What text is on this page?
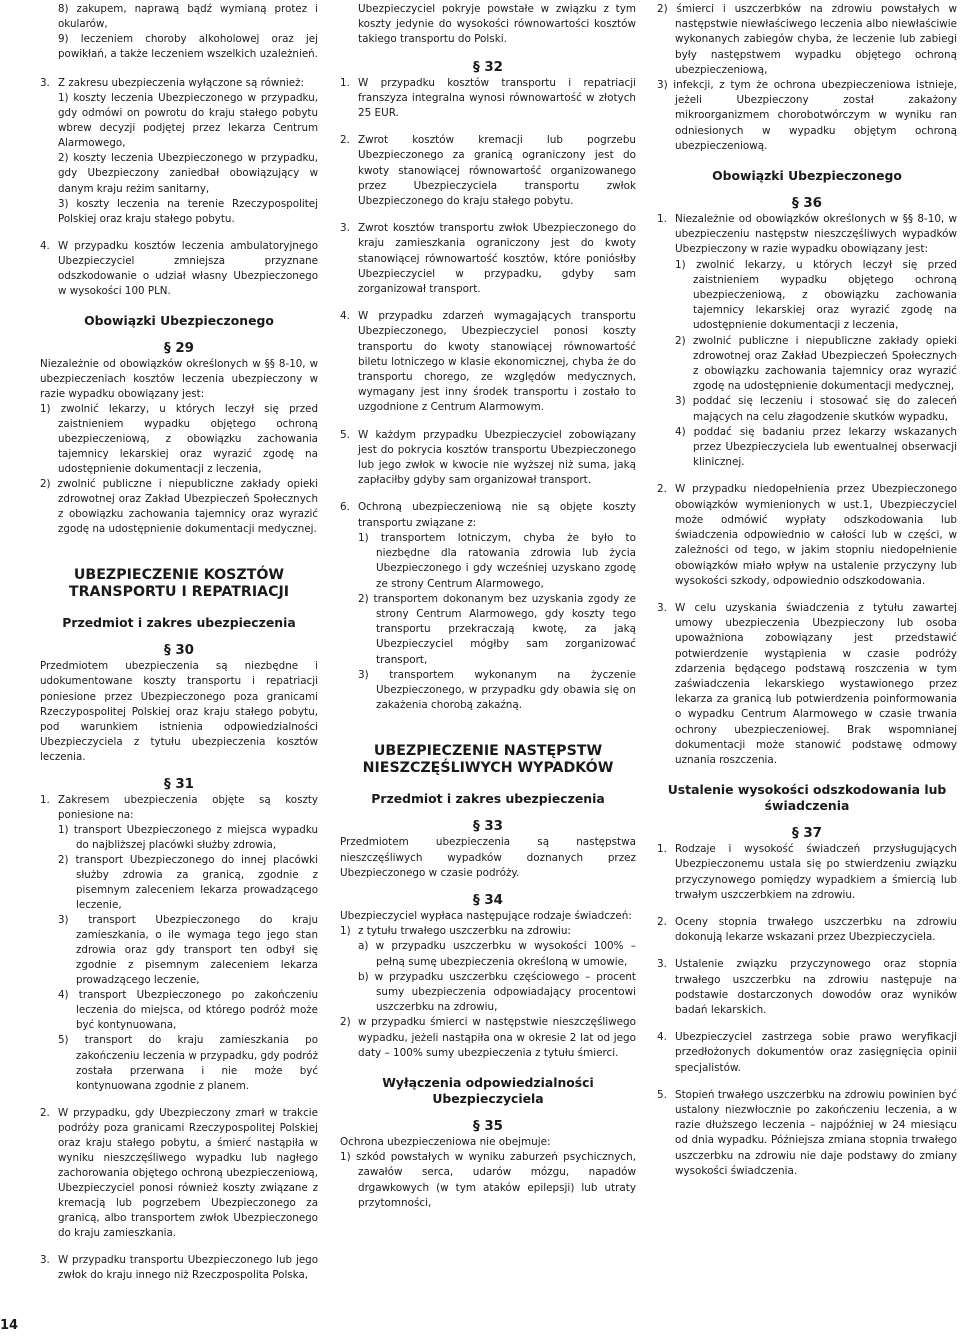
8) zakupem, naprawą bądź wymianą protez i okularów,

9) leczeniem choroby alkoholowej oraz jej powikłań, a także leczeniem wszelkich uzależnień.

3. Z zakresu ubezpieczenia wyłączone są również:

1) koszty leczenia Ubezpieczonego w przypadku, gdy odmówi on powrotu do kraju stałego pobytu wbrew decyzji podjętej przez lekarza Centrum Alarmowego,

2) koszty leczenia Ubezpieczonego w przypadku, gdy Ubezpieczony zaniedbał obowiązujący w danym kraju reżim sanitarny,

3) koszty leczenia na terenie Rzeczypospolitej Polskiej oraz kraju stałego pobytu.

4. W przypadku kosztów leczenia ambulatoryjnego Ubezpieczyciel zmniejsza przyznane odszkodowanie o udział własny Ubezpieczonego w wysokości 100 PLN.

Obowiązki Ubezpieczonego

§ 29

Niezależnie od obowiązków określonych w §§ 8-10, w ubezpieczeniach kosztów leczenia ubezpieczony w razie wypadku obowiązany jest:

1) zwolnić lekarzy, u których leczył się przed zaistnieniem wypadku objętego ochroną ubezpieczeniową, z obowiązku zachowania tajemnicy lekarskiej oraz wyrazić zgodę na udostępnienie dokumentacji z leczenia,

2) zwolnić publiczne i niepubliczne zakłady opieki zdrowotnej oraz Zakład Ubezpieczeń Społecznych z obowiązku zachowania tajemnicy oraz wyrazić zgodę na udostępnienie dokumentacji medycznej.

UBEZPIECZENIE KOSZTÓW TRANSPORTU I REPATRIACJI

Przedmiot i zakres ubezpieczenia

§ 30

Przedmiotem ubezpieczenia są niezbędne i udokumentowane koszty transportu i repatriacji poniesione przez Ubezpieczonego poza granicami Rzeczypospolitej Polskiej oraz kraju stałego pobytu, pod warunkiem istnienia odpowiedzialności Ubezpieczyciela z tytułu ubezpieczenia kosztów leczenia.

§ 31

1. Zakresem ubezpieczenia objęte są koszty poniesione na:

1) transport Ubezpieczonego z miejsca wypadku do najbliższej placówki służby zdrowia,

2) transport Ubezpieczonego do innej placówki służby zdrowia za granicą, zgodnie z pisemnym zaleceniem lekarza prowadzącego leczenie,

3) transport Ubezpieczonego do kraju zamieszkania, o ile wymaga tego jego stan zdrowia oraz gdy transport ten odbył się zgodnie z pisemnym zaleceniem lekarza prowadzącego leczenie,

4) transport Ubezpieczonego po zakończeniu leczenia do miejsca, od którego podróż może być kontynuowana,

5) transport do kraju zamieszkania po zakończeniu leczenia w przypadku, gdy podróż została przerwana i nie może być kontynuowana zgodnie z planem.

2. W przypadku, gdy Ubezpieczony zmarł w trakcie podróży poza granicami Rzeczypospolitej Polskiej oraz kraju stałego pobytu, a śmierć nastąpiła w wyniku nieszczęśliwego wypadku lub nagłego zachorowania objętego ochroną ubezpieczeniową, Ubezpieczyciel ponosi również koszty związane z kremacją lub pogrzebem Ubezpieczonego za granicą, albo transportem zwłok Ubezpieczonego do kraju zamieszkania.

3. W przypadku transportu Ubezpieczonego lub jego zwłok do kraju innego niż Rzeczpospolita Polska,

Ubezpieczyciel pokryje powstałe w związku z tym koszty jedynie do wysokości równowartości kosztów takiego transportu do Polski.

§ 32

1. W przypadku kosztów transportu i repatriacji franszyza integralna wynosi równowartość w złotych 25 EUR.

2. Zwrot kosztów kremacji lub pogrzebu Ubezpieczonego za granicą ograniczony jest do kwoty stanowiącej równowartość organizowanego przez Ubezpieczyciela transportu zwłok Ubezpieczonego do kraju stałego pobytu.

3. Zwrot kosztów transportu zwłok Ubezpieczonego do kraju zamieszkania ograniczony jest do kwoty stanowiącej równowartość kosztów, które poniósłby Ubezpieczyciel w przypadku, gdyby sam zorganizował transport.

4. W przypadku zdarzeń wymagających transportu Ubezpieczonego, Ubezpieczyciel ponosi koszty transportu do kwoty stanowiącej równowartość biletu lotniczego w klasie ekonomicznej, chyba że do transportu chorego, ze względów medycznych, wymagany jest inny środek transportu i zostało to uzgodnione z Centrum Alarmowym.

5. W każdym przypadku Ubezpieczyciel zobowiązany jest do pokrycia kosztów transportu Ubezpieczonego lub jego zwłok w kwocie nie wyższej niż suma, jaką zapłaciłby gdyby sam organizował transport.

6. Ochroną ubezpieczeniową nie są objęte koszty transportu związane z:

1) transportem lotniczym, chyba że było to niezbędne dla ratowania zdrowia lub życia Ubezpieczonego i gdy wcześniej uzyskano zgodę ze strony Centrum Alarmowego,

2) transportem dokonanym bez uzyskania zgody ze strony Centrum Alarmowego, gdy koszty tego transportu przekraczają kwotę, za jaką Ubezpieczyciel mógłby sam zorganizować transport,

3) transportem wykonanym na życzenie Ubezpieczonego, w przypadku gdy obawia się on zakażenia chorobą zakaźną.

UBEZPIECZENIE NASTĘPSTW NIESZCZĘŚLIWYCH WYPADKÓW

Przedmiot i zakres ubezpieczenia

§ 33

Przedmiotem ubezpieczenia są następstwa nieszczęśliwych wypadków doznanych przez Ubezpieczonego w czasie podróży.

§ 34

Ubezpieczyciel wypłaca następujące rodzaje świadczeń:

1) z tytułu trwałego uszczerbku na zdrowiu:

a) w przypadku uszczerbku w wysokości 100% – pełną sumę ubezpieczenia określoną w umowie,

b) w przypadku uszczerbku częściowego – procent sumy ubezpieczenia odpowiadający procentowi uszczerbku na zdrowiu,

2) w przypadku śmierci w następstwie nieszczęśliwego wypadku, jeżeli nastąpiła ona w okresie 2 lat od jego daty – 100% sumy ubezpieczenia z tytułu śmierci.

Wyłączenia odpowiedzialności Ubezpieczyciela

§ 35

Ochrona ubezpieczeniowa nie obejmuje:

1) szkód powstałych w wyniku zaburzeń psychicznych, zawałów serca, udarów mózgu, napadów drgawkowych (w tym ataków epilepsji) lub utraty przytomności,

2) śmierci i uszczerbków na zdrowiu powstałych w następstwie niewłaściwego leczenia albo niewłaściwie wykonanych zabiegów chyba, że leczenie lub zabiegi były następstwem wypadku objętego ochroną ubezpieczeniową,

3) infekcji, z tym że ochrona ubezpieczeniowa istnieje, jeżeli Ubezpieczony został zakażony mikroorganizmem chorobotwórczym w wyniku ran odniesionych w wypadku objętym ochroną ubezpieczeniową.

Obowiązki Ubezpieczonego

§ 36

1. Niezależnie od obowiązków określonych w §§ 8-10, w ubezpieczeniu następstw nieszczęśliwych wypadków Ubezpieczony w razie wypadku obowiązany jest:

1) zwolnić lekarzy, u których leczył się przed zaistnieniem wypadku objętego ochroną ubezpieczeniową, z obowiązku zachowania tajemnicy lekarskiej oraz wyrazić zgodę na udostępnienie dokumentacji z leczenia,

2) zwolnić publiczne i niepubliczne zakłady opieki zdrowotnej oraz Zakład Ubezpieczeń Społecznych z obowiązku zachowania tajemnicy oraz wyrazić zgodę na udostępnienie dokumentacji medycznej,

3) poddać się leczeniu i stosować się do zaleceń mających na celu złagodzenie skutków wypadku,

4) poddać się badaniu przez lekarzy wskazanych przez Ubezpieczyciela lub ewentualnej obserwacji klinicznej.

2. W przypadku niedopełnienia przez Ubezpieczonego obowiązków wymienionych w ust.1, Ubezpieczyciel może odmówić wypłaty odszkodowania lub świadczenia odpowiednio w całości lub w części, w zależności od tego, w jakim stopniu niedopełnienie obowiązków miało wpływ na ustalenie przyczyny lub wysokości szkody, odpowiednio odszkodowania.

3. W celu uzyskania świadczenia z tytułu zawartej umowy ubezpieczenia Ubezpieczony lub osoba upoważniona zobowiązany jest przedstawić potwierdzenie wystąpienia w czasie podróży zdarzenia będącego podstawą roszczenia w tym zaświadczenia lekarskiego wystawionego przez lekarza za granicą lub potwierdzenia poinformowania o wypadku Centrum Alarmowego w czasie trwania ochrony ubezpieczeniowej. Brak wspomnianej dokumentacji może stanowić podstawę odmowy uznania roszczenia.

Ustalenie wysokości odszkodowania lub świadczenia

§ 37

1. Rodzaje i wysokość świadczeń przysługujących Ubezpieczonemu ustala się po stwierdzeniu związku przyczynowego pomiędzy wypadkiem a śmiercią lub trwałym uszczerbkiem na zdrowiu.

2. Oceny stopnia trwałego uszczerbku na zdrowiu dokonują lekarze wskazani przez Ubezpieczyciela.

3. Ustalenie związku przyczynowego oraz stopnia trwałego uszczerbku na zdrowiu następuje na podstawie dostarczonych dowodów oraz wyników badań lekarskich.

4. Ubezpieczyciel zastrzega sobie prawo weryfikacji przedłożonych dokumentów oraz zasięgnięcia opinii specjalistów.

5. Stopień trwałego uszczerbku na zdrowiu powinien być ustalony niezwłocznie po zakończeniu leczenia, a w razie dłuższego leczenia – najpóźniej w 24 miesiącu od dnia wypadku. Późniejsza zmiana stopnia trwałego uszczerbku na zdrowiu nie daje podstawy do zmiany wysokości świadczenia.

14
